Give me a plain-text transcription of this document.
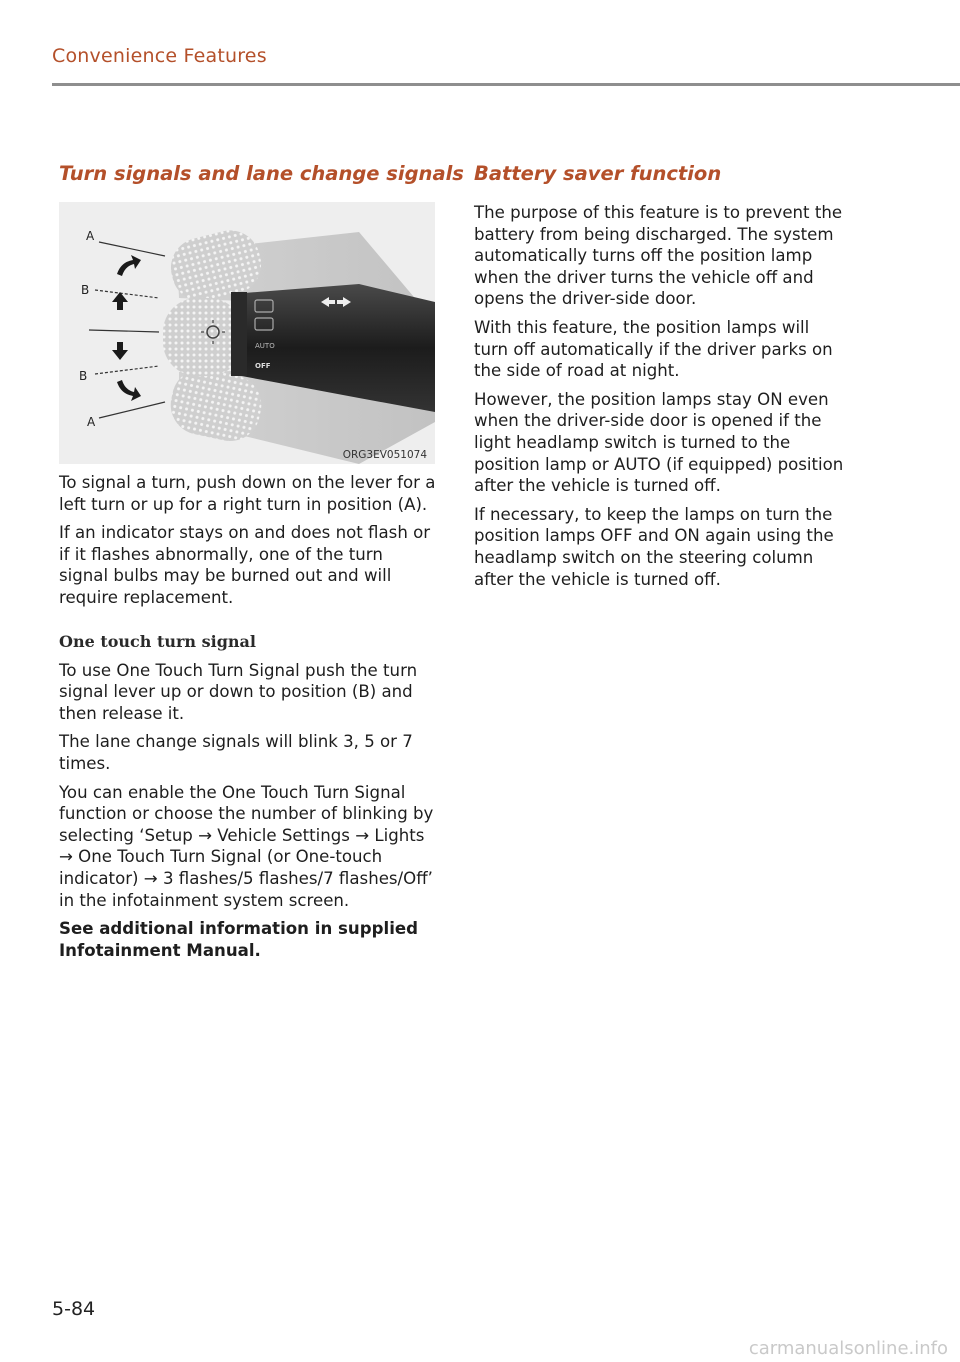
Convenience Features
Turn signals and lane change signals
AUTO
OFF
A
B
B
A
ORG3EV051074

To signal a turn, push down on the lever for a left turn or up for a right turn in position (A).

If an indicator stays on and does not flash or if it flashes abnormally, one of the turn signal bulbs may be burned out and will require replacement.

One touch turn signal

To use One Touch Turn Signal push the turn signal lever up or down to position (B) and then release it.

The lane change signals will blink 3, 5 or 7 times.

You can enable the One Touch Turn Signal function or choose the number of blinking by selecting ‘Setup → Vehicle Settings → Lights → One Touch Turn Signal (or One-touch indicator) → 3 flashes/5 flashes/7 flashes/Off’ in the infotainment system screen.

See additional information in supplied Infotainment Manual.

Battery saver function

The purpose of this feature is to prevent the battery from being discharged. The system automatically turns off the position lamp when the driver turns the vehicle off and opens the driver-side door.

With this feature, the position lamps will turn off automatically if the driver parks on the side of road at night.

However, the position lamps stay ON even when the driver-side door is opened if the light headlamp switch is turned to the position lamp or AUTO (if equipped) position after the vehicle is turned off.

If necessary, to keep the lamps on turn the position lamps OFF and ON again using the headlamp switch on the steering column after the vehicle is turned off.

5-84
carmanualsonline.info
